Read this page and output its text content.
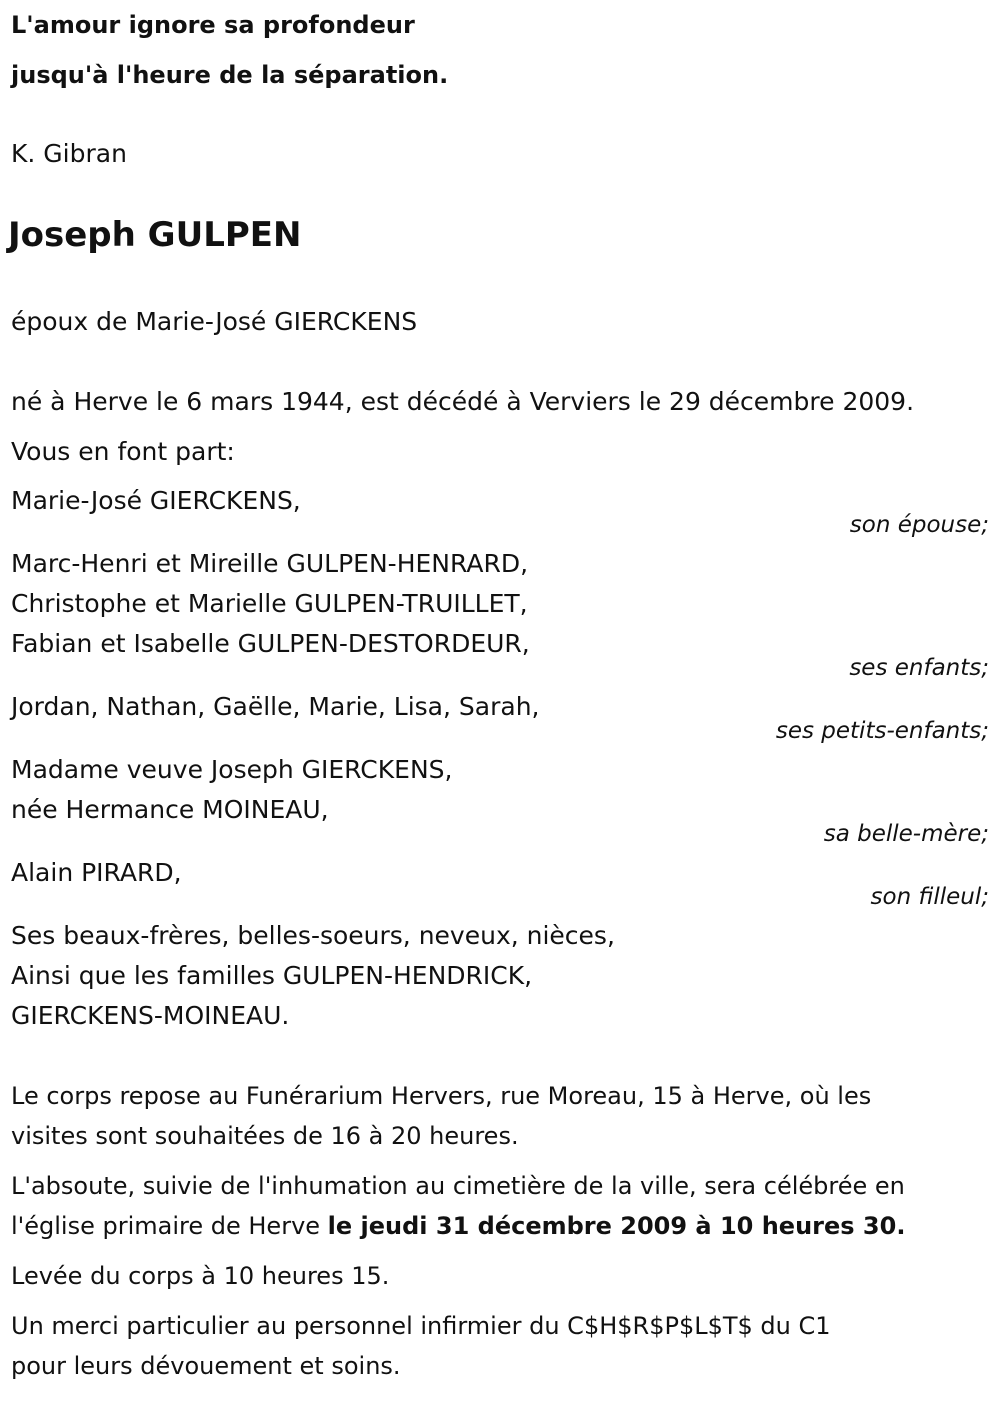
L'amour ignore sa profondeur
jusqu'à l'heure de la séparation.
K. Gibran
Joseph GULPEN
époux de Marie-José GIERCKENS
né à Herve le 6 mars 1944, est décédé à Verviers le 29 décembre 2009.
Vous en font part:
Marie-José GIERCKENS,
son épouse;
Marc-Henri et Mireille GULPEN-HENRARD,
Christophe et Marielle GULPEN-TRUILLET,
Fabian et Isabelle GULPEN-DESTORDEUR,
ses enfants;
Jordan, Nathan, Gaëlle, Marie, Lisa, Sarah,
ses petits-enfants;
Madame veuve Joseph GIERCKENS,
née Hermance MOINEAU,
sa belle-mère;
Alain PIRARD,
son filleul;
Ses beaux-frères, belles-soeurs, neveux, nièces,
Ainsi que les familles GULPEN-HENDRICK,
GIERCKENS-MOINEAU.
Le corps repose au Funérarium Hervers, rue Moreau, 15 à Herve, où les
visites sont souhaitées de 16 à 20 heures.
L'absoute, suivie de l'inhumation au cimetière de la ville, sera célébrée en
l'église primaire de Herve le jeudi 31 décembre 2009 à 10 heures 30.
Levée du corps à 10 heures 15.
Un merci particulier au personnel infirmier du C$H$R$P$L$T$ du C1
pour leurs dévouement et soins.
